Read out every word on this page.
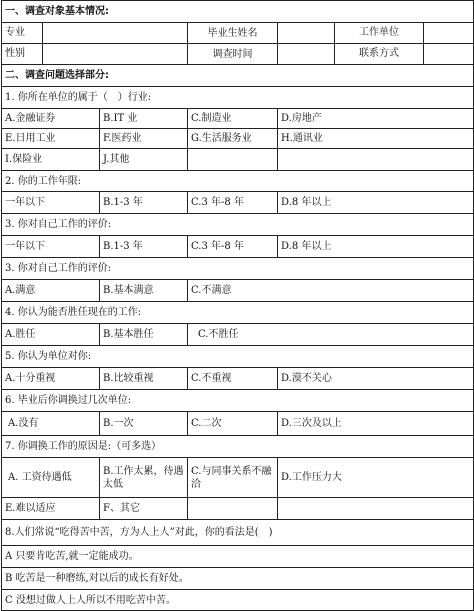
一、调查对象基本情况:			

专业		毕业生姓名	工作单位

性别		调查时间	联系方式

二、调查问题选择部分:			
1. 你所在单位的属于（　）行业:			
A.金融证券	B.IT 业	C.制造业	D.房地产
E.日用工业	F.医药业	G.生活服务业	H.通讯业
I.保险业	J.其他		
2. 你的工作年限:			
一年以下	B.1-3 年	C.3 年-8 年	D.8 年以上
3. 你对自己工作的评价:			
一年以下	B.1-3 年	C.3 年-8 年	D.8 年以上
3. 你对自己工作的评价:			
A.满意	B.基本满意	C.不满意	
4. 你认为能否胜任现在的工作:			
A.胜任	B.基本胜任	C.不胜任	
5. 你认为单位对你:			
A.十分重视	B.比较重视	C.不重视	D.漠不关心
6. 毕业后你调换过几次单位:			
A.没有	B.一次	C.二次	D.三次及以上
7. 你调换工作的原因是:（可多选）			
A. 工资待遇低	B.工作太累，待遇太低	C.与同事关系不融洽	D.工作压力大
E.难以适应	F、其它		
8.人们常说“吃得苦中苦，方为人上人”对此，你的看法是(　)			
A 只要肯吃苦,就一定能成功。			
B 吃苦是一种磨练,对以后的成长有好处。			
C 没想过做人上人所以不用吃苦中苦。			
